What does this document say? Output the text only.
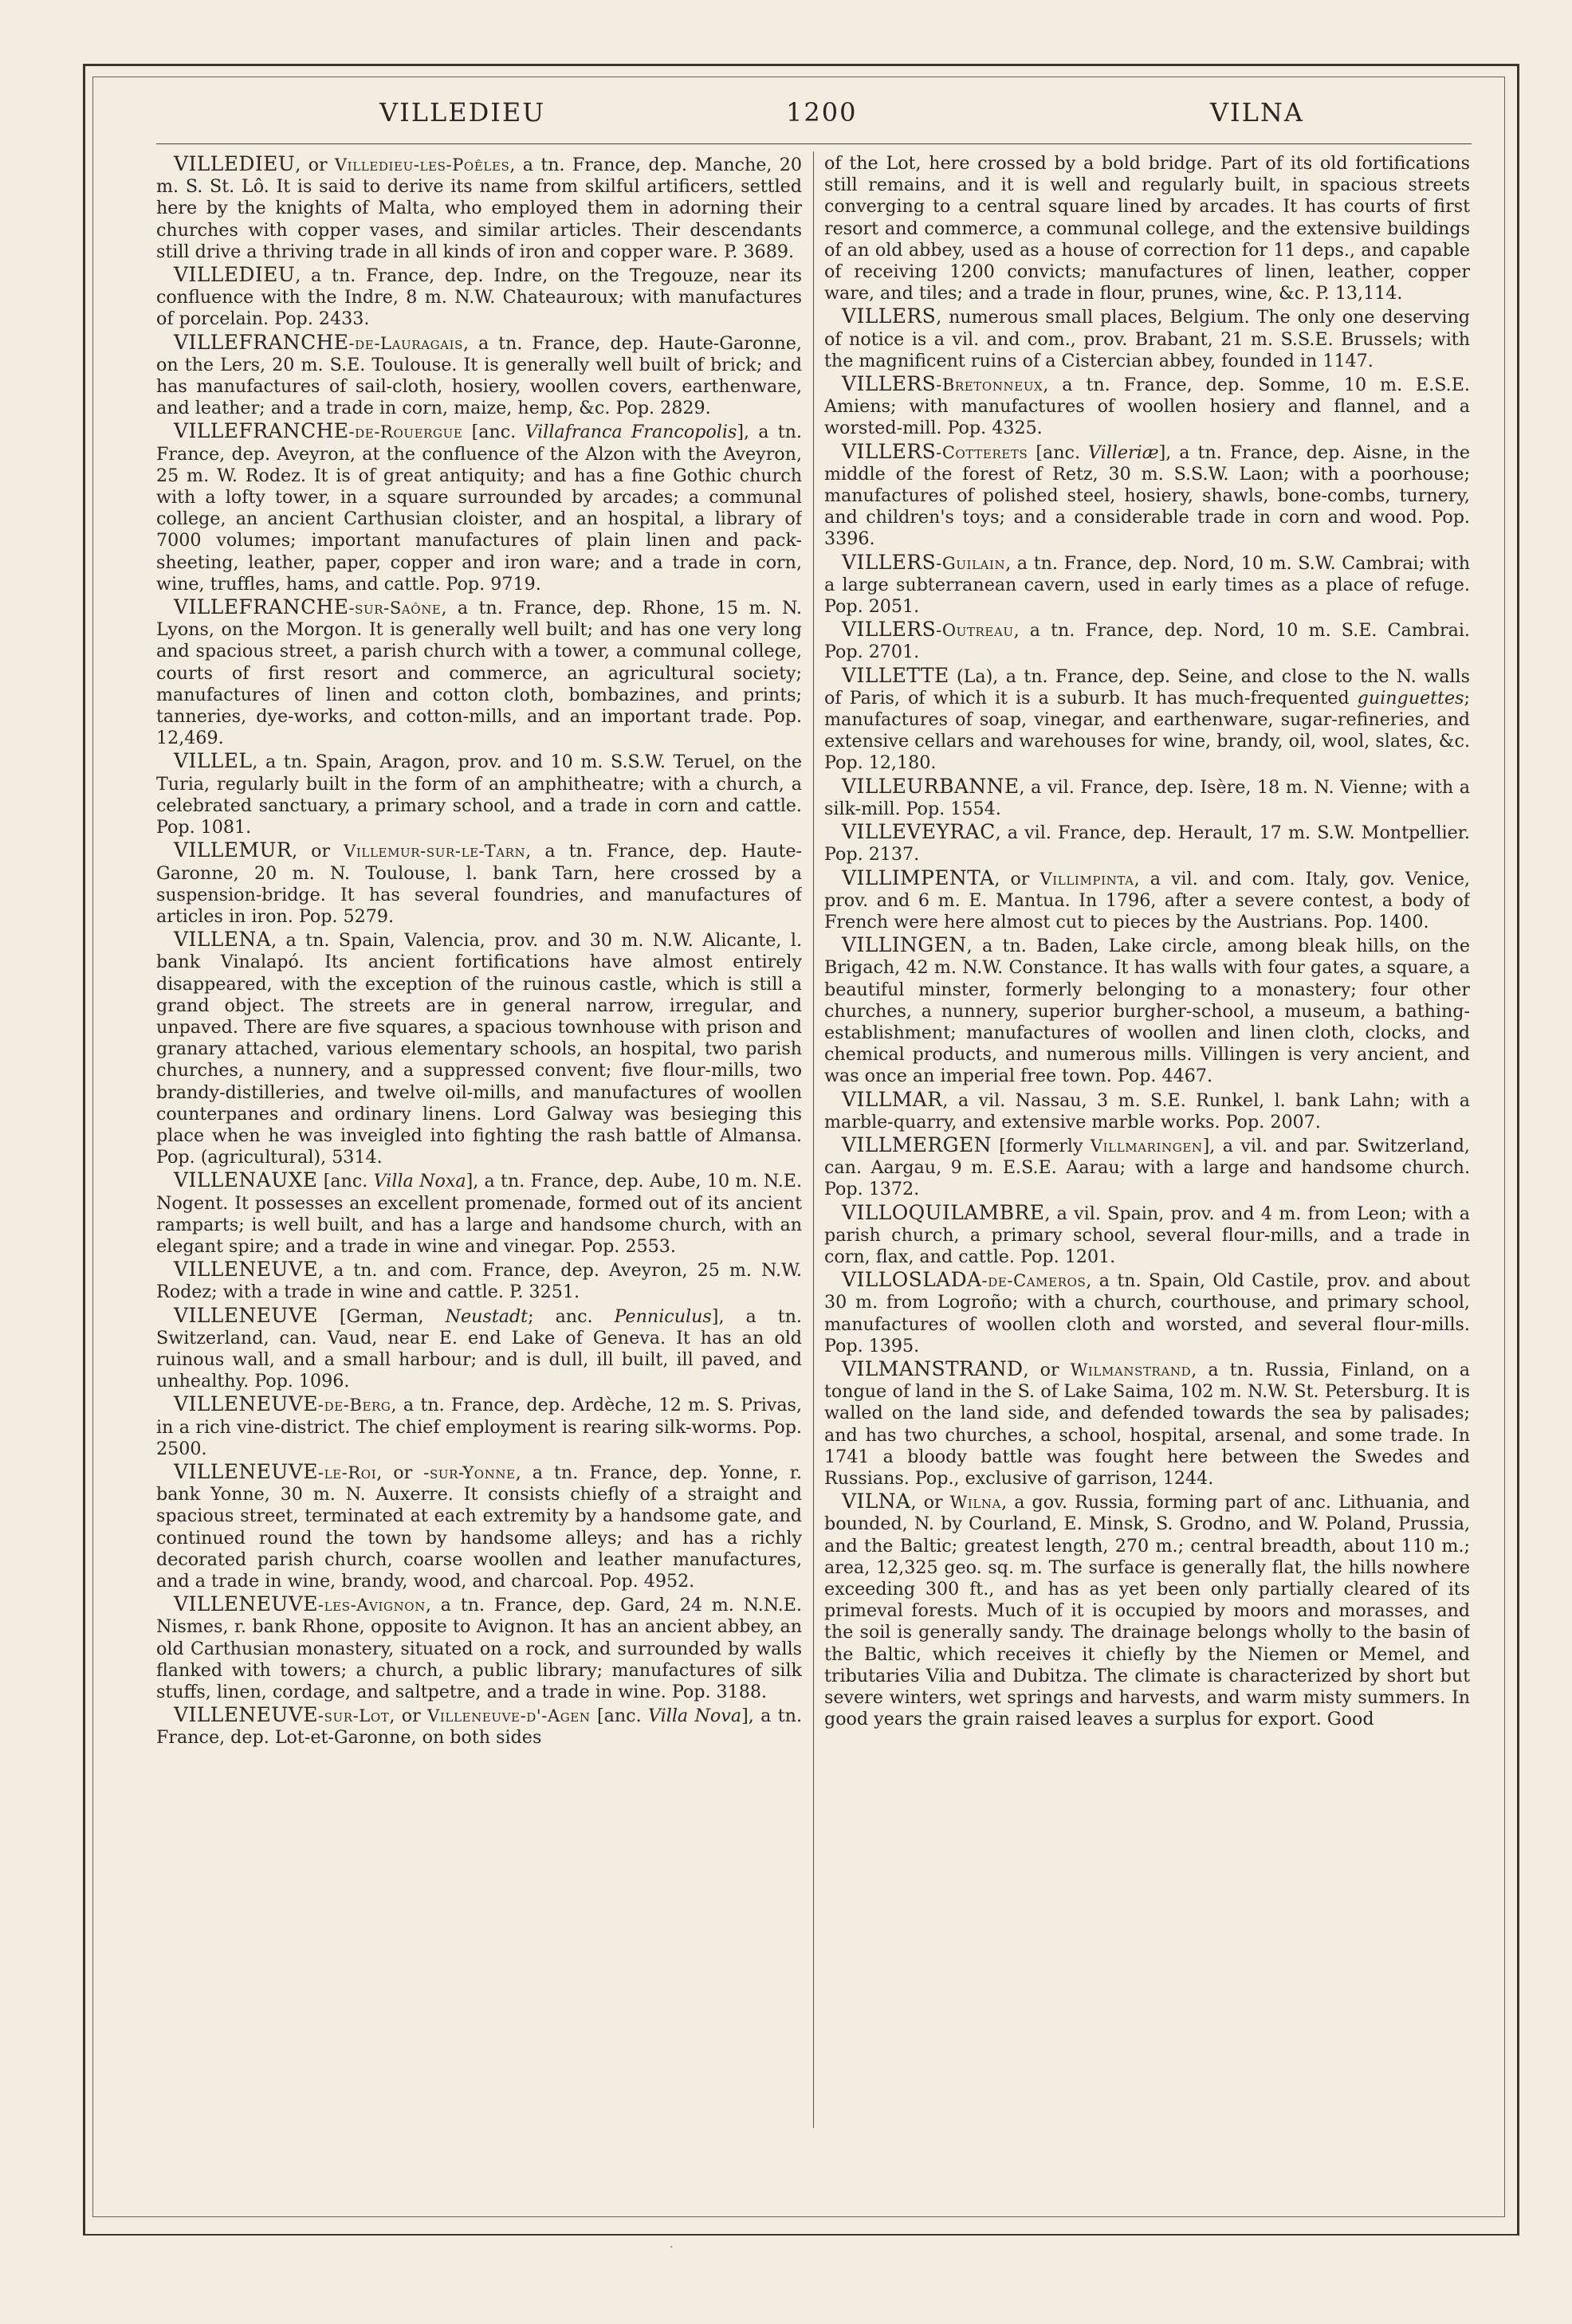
VILLEDIEU	1200	VILNA

VILLEDIEU, or Villedieu-les-Poêles, a tn. France, dep. Manche, 20 m. S. St. Lô. It is said to derive its name from skilful artificers, settled here by the knights of Malta, who employed them in adorning their churches with copper vases, and similar articles. Their descendants still drive a thriving trade in all kinds of iron and copper ware. P. 3689.

VILLEDIEU, a tn. France, dep. Indre, on the Tregouze, near its confluence with the Indre, 8 m. N.W. Chateauroux; with manufactures of porcelain. Pop. 2433.

VILLEFRANCHE-de-Lauragais, a tn. France, dep. Haute-Garonne, on the Lers, 20 m. S.E. Toulouse. It is generally well built of brick; and has manufactures of sail-cloth, hosiery, woollen covers, earthenware, and leather; and a trade in corn, maize, hemp, &c. Pop. 2829.

VILLEFRANCHE-de-Rouergue [anc. Villafranca Francopolis], a tn. France, dep. Aveyron, at the confluence of the Alzon with the Aveyron, 25 m. W. Rodez. It is of great antiquity; and has a fine Gothic church with a lofty tower, in a square surrounded by arcades; a communal college, an ancient Carthusian cloister, and an hospital, a library of 7000 volumes; important manufactures of plain linen and pack-sheeting, leather, paper, copper and iron ware; and a trade in corn, wine, truffles, hams, and cattle. Pop. 9719.

VILLEFRANCHE-sur-Saône, a tn. France, dep. Rhone, 15 m. N. Lyons, on the Morgon. It is generally well built; and has one very long and spacious street, a parish church with a tower, a communal college, courts of first resort and commerce, an agricultural society; manufactures of linen and cotton cloth, bombazines, and prints; tanneries, dye-works, and cotton-mills, and an important trade. Pop. 12,469.

VILLEL, a tn. Spain, Aragon, prov. and 10 m. S.S.W. Teruel, on the Turia, regularly built in the form of an amphitheatre; with a church, a celebrated sanctuary, a primary school, and a trade in corn and cattle. Pop. 1081.

VILLEMUR, or Villemur-sur-le-Tarn, a tn. France, dep. Haute-Garonne, 20 m. N. Toulouse, l. bank Tarn, here crossed by a suspension-bridge. It has several foundries, and manufactures of articles in iron. Pop. 5279.

VILLENA, a tn. Spain, Valencia, prov. and 30 m. N.W. Alicante, l. bank Vinalapó. Its ancient fortifications have almost entirely disappeared, with the exception of the ruinous castle, which is still a grand object. The streets are in general narrow, irregular, and unpaved. There are five squares, a spacious townhouse with prison and granary attached, various elementary schools, an hospital, two parish churches, a nunnery, and a suppressed convent; five flour-mills, two brandy-distilleries, and twelve oil-mills, and manufactures of woollen counterpanes and ordinary linens. Lord Galway was besieging this place when he was inveigled into fighting the rash battle of Almansa. Pop. (agricultural), 5314.

VILLENAUXE [anc. Villa Noxa], a tn. France, dep. Aube, 10 m. N.E. Nogent. It possesses an excellent promenade, formed out of its ancient ramparts; is well built, and has a large and handsome church, with an elegant spire; and a trade in wine and vinegar. Pop. 2553.

VILLENEUVE, a tn. and com. France, dep. Aveyron, 25 m. N.W. Rodez; with a trade in wine and cattle. P. 3251.

VILLENEUVE [German, Neustadt; anc. Penniculus], a tn. Switzerland, can. Vaud, near E. end Lake of Geneva. It has an old ruinous wall, and a small harbour; and is dull, ill built, ill paved, and unhealthy. Pop. 1096.

VILLENEUVE-de-Berg, a tn. France, dep. Ardèche, 12 m. S. Privas, in a rich vine-district. The chief employment is rearing silk-worms. Pop. 2500.

VILLENEUVE-le-Roi, or -sur-Yonne, a tn. France, dep. Yonne, r. bank Yonne, 30 m. N. Auxerre. It consists chiefly of a straight and spacious street, terminated at each extremity by a handsome gate, and continued round the town by handsome alleys; and has a richly decorated parish church, coarse woollen and leather manufactures, and a trade in wine, brandy, wood, and charcoal. Pop. 4952.

VILLENEUVE-les-Avignon, a tn. France, dep. Gard, 24 m. N.N.E. Nismes, r. bank Rhone, opposite to Avignon. It has an ancient abbey, an old Carthusian monastery, situated on a rock, and surrounded by walls flanked with towers; a church, a public library; manufactures of silk stuffs, linen, cordage, and saltpetre, and a trade in wine. Pop. 3188.

VILLENEUVE-sur-Lot, or Villeneuve-d'-Agen [anc. Villa Nova], a tn. France, dep. Lot-et-Garonne, on both sides

of the Lot, here crossed by a bold bridge. Part of its old fortifications still remains, and it is well and regularly built, in spacious streets converging to a central square lined by arcades. It has courts of first resort and commerce, a communal college, and the extensive buildings of an old abbey, used as a house of correction for 11 deps., and capable of receiving 1200 convicts; manufactures of linen, leather, copper ware, and tiles; and a trade in flour, prunes, wine, &c. P. 13,114.

VILLERS, numerous small places, Belgium. The only one deserving of notice is a vil. and com., prov. Brabant, 21 m. S.S.E. Brussels; with the magnificent ruins of a Cistercian abbey, founded in 1147.

VILLERS-Bretonneux, a tn. France, dep. Somme, 10 m. E.S.E. Amiens; with manufactures of woollen hosiery and flannel, and a worsted-mill. Pop. 4325.

VILLERS-Cotterets [anc. Villeriæ], a tn. France, dep. Aisne, in the middle of the forest of Retz, 30 m. S.S.W. Laon; with a poorhouse; manufactures of polished steel, hosiery, shawls, bone-combs, turnery, and children's toys; and a considerable trade in corn and wood. Pop. 3396.

VILLERS-Guilain, a tn. France, dep. Nord, 10 m. S.W. Cambrai; with a large subterranean cavern, used in early times as a place of refuge. Pop. 2051.

VILLERS-Outreau, a tn. France, dep. Nord, 10 m. S.E. Cambrai. Pop. 2701.

VILLETTE (La), a tn. France, dep. Seine, and close to the N. walls of Paris, of which it is a suburb. It has much-frequented guinguettes; manufactures of soap, vinegar, and earthenware, sugar-refineries, and extensive cellars and warehouses for wine, brandy, oil, wool, slates, &c. Pop. 12,180.

VILLEURBANNE, a vil. France, dep. Isère, 18 m. N. Vienne; with a silk-mill. Pop. 1554.

VILLEVEYRAC, a vil. France, dep. Herault, 17 m. S.W. Montpellier. Pop. 2137.

VILLIMPENTA, or Villimpinta, a vil. and com. Italy, gov. Venice, prov. and 6 m. E. Mantua. In 1796, after a severe contest, a body of French were here almost cut to pieces by the Austrians. Pop. 1400.

VILLINGEN, a tn. Baden, Lake circle, among bleak hills, on the Brigach, 42 m. N.W. Constance. It has walls with four gates, a square, a beautiful minster, formerly belonging to a monastery; four other churches, a nunnery, superior burgher-school, a museum, a bathing-establishment; manufactures of woollen and linen cloth, clocks, and chemical products, and numerous mills. Villingen is very ancient, and was once an imperial free town. Pop. 4467.

VILLMAR, a vil. Nassau, 3 m. S.E. Runkel, l. bank Lahn; with a marble-quarry, and extensive marble works. Pop. 2007.

VILLMERGEN [formerly Villmaringen], a vil. and par. Switzerland, can. Aargau, 9 m. E.S.E. Aarau; with a large and handsome church. Pop. 1372.

VILLOQUILAMBRE, a vil. Spain, prov. and 4 m. from Leon; with a parish church, a primary school, several flour-mills, and a trade in corn, flax, and cattle. Pop. 1201.

VILLOSLADA-de-Cameros, a tn. Spain, Old Castile, prov. and about 30 m. from Logroño; with a church, courthouse, and primary school, manufactures of woollen cloth and worsted, and several flour-mills. Pop. 1395.

VILMANSTRAND, or Wilmanstrand, a tn. Russia, Finland, on a tongue of land in the S. of Lake Saima, 102 m. N.W. St. Petersburg. It is walled on the land side, and defended towards the sea by palisades; and has two churches, a school, hospital, arsenal, and some trade. In 1741 a bloody battle was fought here between the Swedes and Russians. Pop., exclusive of garrison, 1244.

VILNA, or Wilna, a gov. Russia, forming part of anc. Lithuania, and bounded, N. by Courland, E. Minsk, S. Grodno, and W. Poland, Prussia, and the Baltic; greatest length, 270 m.; central breadth, about 110 m.; area, 12,325 geo. sq. m. The surface is generally flat, the hills nowhere exceeding 300 ft., and has as yet been only partially cleared of its primeval forests. Much of it is occupied by moors and morasses, and the soil is generally sandy. The drainage belongs wholly to the basin of the Baltic, which receives it chiefly by the Niemen or Memel, and tributaries Vilia and Dubitza. The climate is characterized by short but severe winters, wet springs and harvests, and warm misty summers. In good years the grain raised leaves a surplus for export. Good

·
